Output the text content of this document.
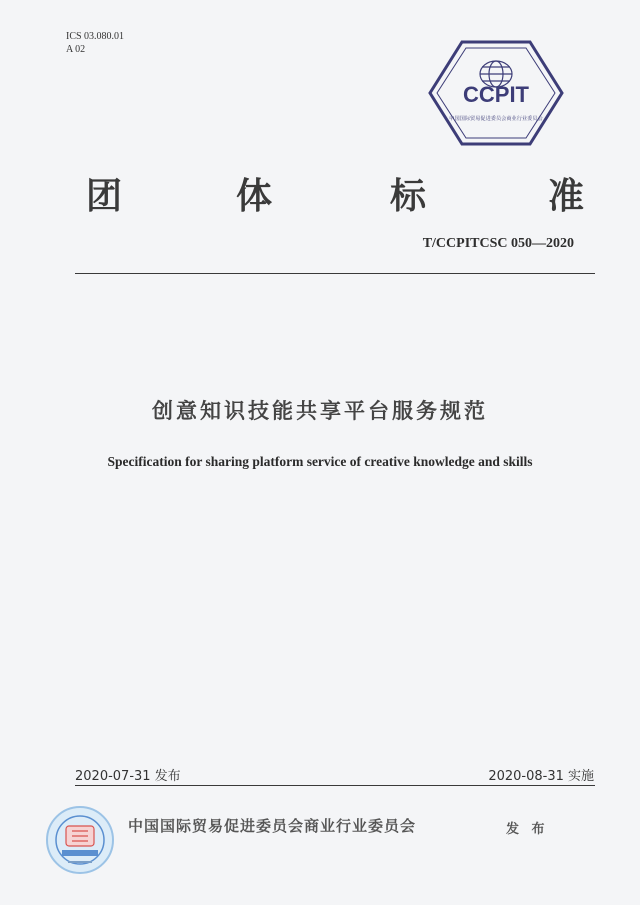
ICS 03.080.01
A 02
CCPIT
中国国际贸易促进委员会商业行业委员会
团	体	标	准
T/CCPITCSC 050—2020
创意知识技能共享平台服务规范
Specification for sharing platform service of creative knowledge and skills
2020-07-31 发布	2020-08-31 实施
中国国际贸易促进委员会商业行业委员会	发 布
